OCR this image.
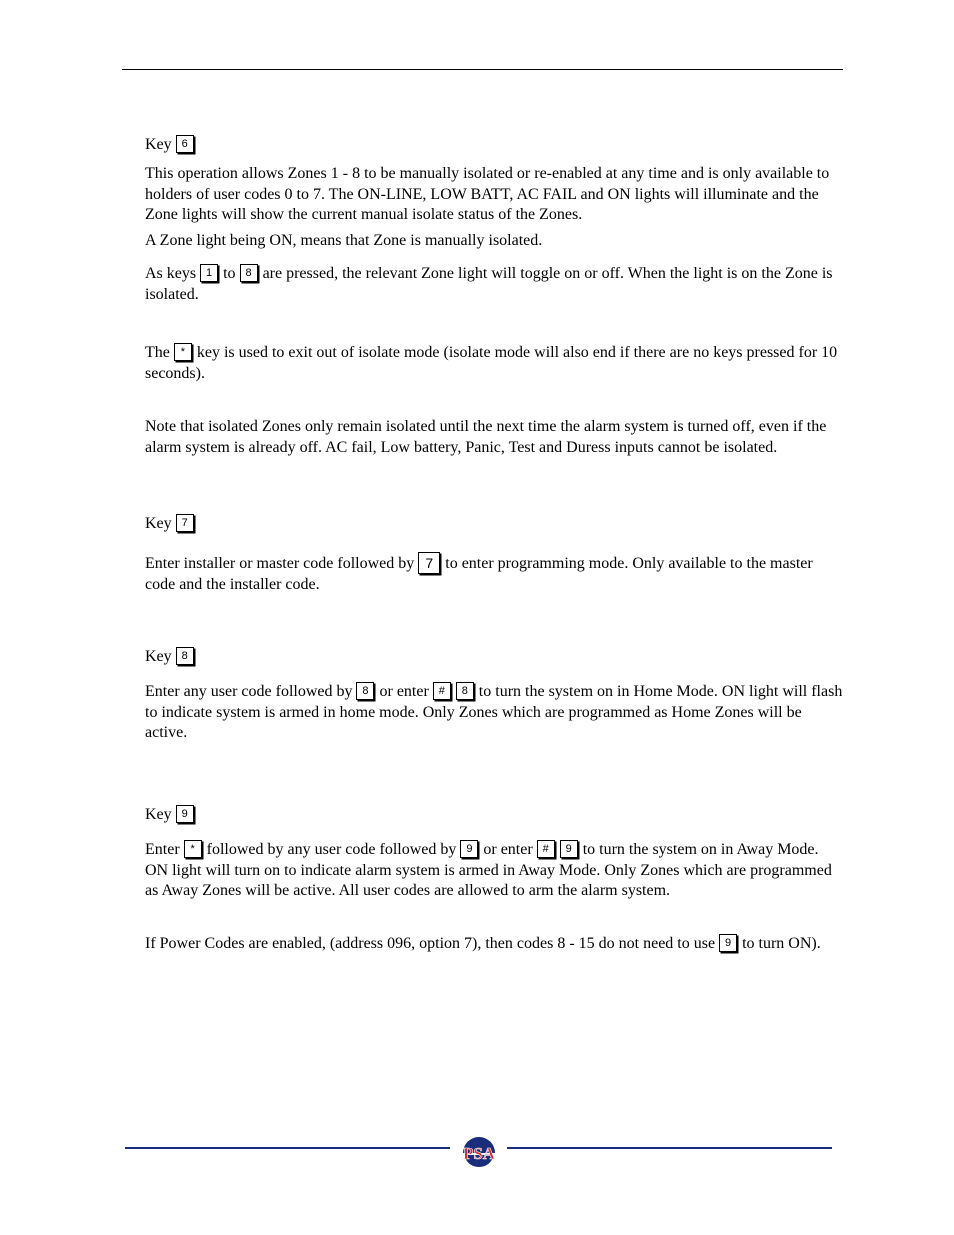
Key 6

This operation allows Zones 1 - 8 to be manually isolated or re-enabled at any time and is only available to holders of user codes 0 to 7. The ON-LINE, LOW BATT, AC FAIL and ON lights will illuminate and the Zone lights will show the current manual isolate status of the Zones.

A Zone light being ON, means that Zone is manually isolated.

As keys 1 to 8 are pressed, the relevant Zone light will toggle on or off. When the light is on the Zone is isolated.

The * key is used to exit out of isolate mode (isolate mode will also end if there are no keys pressed for 10 seconds).

Note that isolated Zones only remain isolated until the next time the alarm system is turned off, even if the alarm system is already off. AC fail, Low battery, Panic, Test and Duress inputs cannot be isolated.

Key 7

Enter installer or master code followed by 7 to enter programming mode. Only available to the master code and the installer code.

Key 8

Enter any user code followed by 8 or enter # 8 to turn the system on in Home Mode. ON light will flash to indicate system is armed in home mode. Only Zones which are programmed as Home Zones will be active.

Key 9

Enter * followed by any user code followed by 9 or enter # 9 to turn the system on in Away Mode. ON light will turn on to indicate alarm system is armed in Away Mode. Only Zones which are programmed as Away Zones will be active. All user codes are allowed to arm the alarm system.

If Power Codes are enabled, (address 096, option 7), then codes 8 - 15 do not need to use 9 to turn ON).

PSA
